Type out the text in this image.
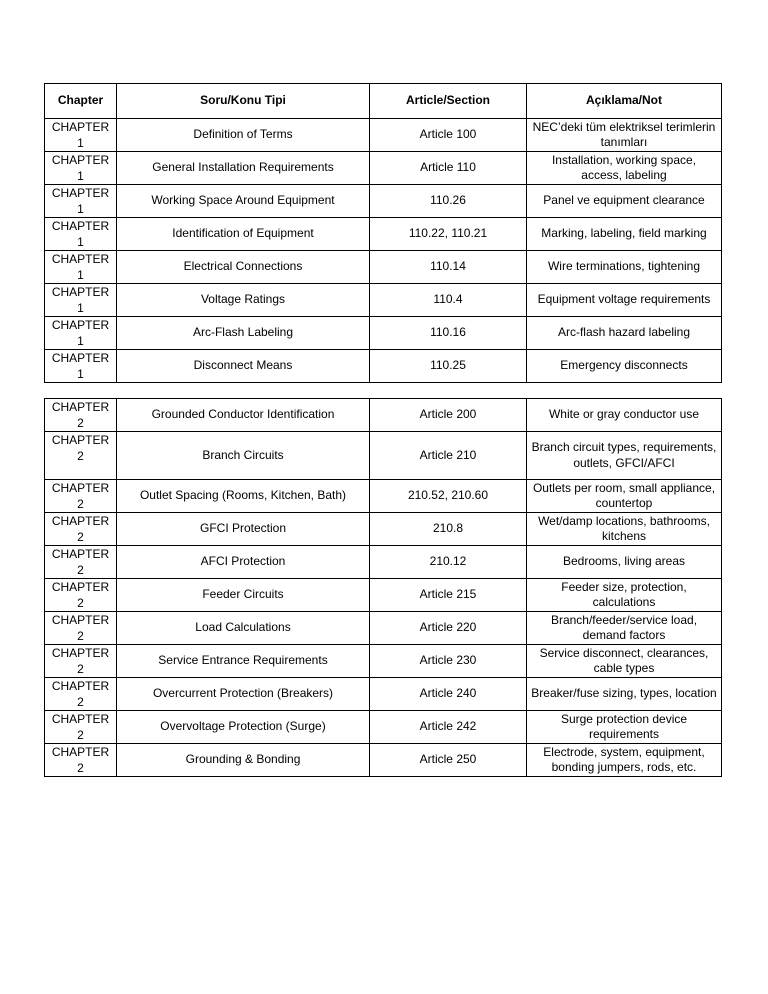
Chapter	Soru/Konu Tipi	Article/Section	Açıklama/Not
CHAPTER 1	Definition of Terms	Article 100	NEC’deki tüm elektriksel terimlerin tanımları
CHAPTER 1	General Installation Requirements	Article 110	Installation, working space, access, labeling
CHAPTER 1	Working Space Around Equipment	110.26	Panel ve equipment clearance
CHAPTER 1	Identification of Equipment	110.22, 110.21	Marking, labeling, field marking
CHAPTER 1	Electrical Connections	110.14	Wire terminations, tightening
CHAPTER 1	Voltage Ratings	110.4	Equipment voltage requirements
CHAPTER 1	Arc-Flash Labeling	110.16	Arc-flash hazard labeling
CHAPTER 1	Disconnect Means	110.25	Emergency disconnects
CHAPTER 2	Grounded Conductor Identification	Article 200	White or gray conductor use
CHAPTER 2	Branch Circuits	Article 210	Branch circuit types, requirements, outlets, GFCI/AFCI
CHAPTER 2	Outlet Spacing (Rooms, Kitchen, Bath)	210.52, 210.60	Outlets per room, small appliance, countertop
CHAPTER 2	GFCI Protection	210.8	Wet/damp locations, bathrooms, kitchens
CHAPTER 2	AFCI Protection	210.12	Bedrooms, living areas
CHAPTER 2	Feeder Circuits	Article 215	Feeder size, protection, calculations
CHAPTER 2	Load Calculations	Article 220	Branch/feeder/service load, demand factors
CHAPTER 2	Service Entrance Requirements	Article 230	Service disconnect, clearances, cable types
CHAPTER 2	Overcurrent Protection (Breakers)	Article 240	Breaker/fuse sizing, types, location
CHAPTER 2	Overvoltage Protection (Surge)	Article 242	Surge protection device requirements
CHAPTER 2	Grounding & Bonding	Article 250	Electrode, system, equipment, bonding jumpers, rods, etc.
